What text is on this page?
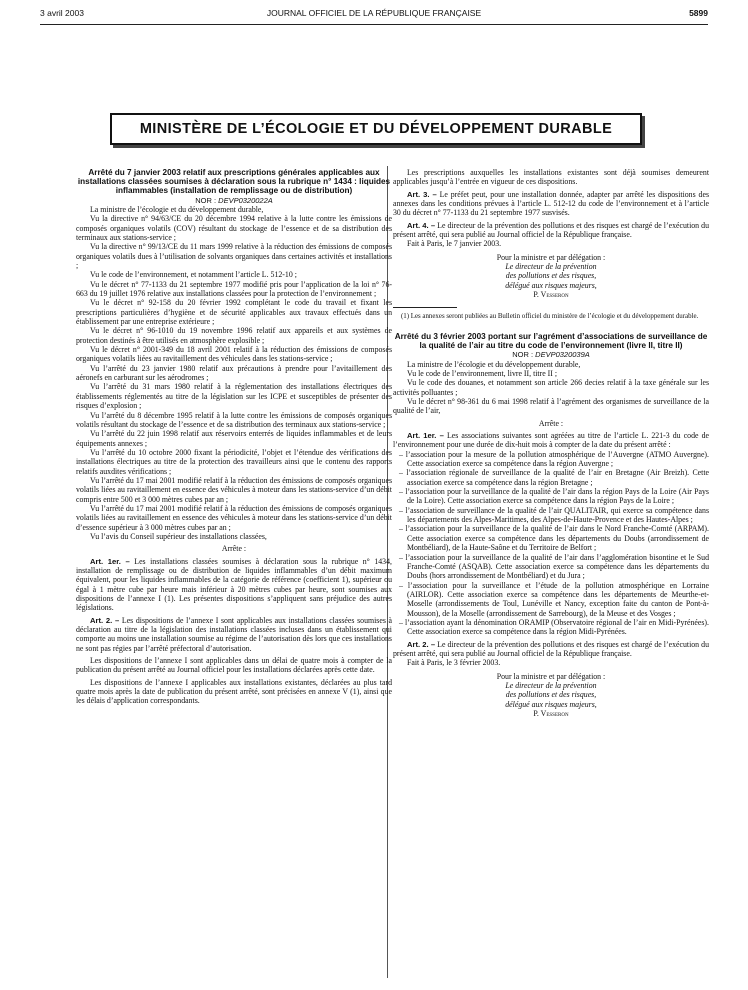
3 avril 2003	JOURNAL OFFICIEL DE LA RÉPUBLIQUE FRANÇAISE	5899
MINISTÈRE DE L’ÉCOLOGIE ET DU DÉVELOPPEMENT DURABLE

Arrêté du 7 janvier 2003 relatif aux prescriptions générales applicables aux installations classées soumises à déclaration sous la rubrique n° 1434 : liquides inflammables (installation de remplissage ou de distribution)

NOR : DEVP0320022A

La ministre de l’écologie et du développement durable,

Vu la directive n° 94/63/CE du 20 décembre 1994 relative à la lutte contre les émissions de composés organiques volatils (COV) résultant du stockage de l’essence et de sa distribution des terminaux aux stations-service ;

Vu la directive n° 99/13/CE du 11 mars 1999 relative à la réduction des émissions de composés organiques volatils dues à l’utilisation de solvants organiques dans certaines activités et installations ;

Vu le code de l’environnement, et notamment l’article L. 512-10 ;

Vu le décret n° 77-1133 du 21 septembre 1977 modifié pris pour l’application de la loi n° 76-663 du 19 juillet 1976 relative aux installations classées pour la protection de l’environnement ;

Vu le décret n° 92-158 du 20 février 1992 complétant le code du travail et fixant les prescriptions particulières d’hygiène et de sécurité applicables aux travaux effectués dans un établissement par une entreprise extérieure ;

Vu le décret n° 96-1010 du 19 novembre 1996 relatif aux appareils et aux systèmes de protection destinés à être utilisés en atmosphère explosible ;

Vu le décret n° 2001-349 du 18 avril 2001 relatif à la réduction des émissions de composés organiques volatils liées au ravitaillement des véhicules dans les stations-service ;

Vu l’arrêté du 23 janvier 1980 relatif aux précautions à prendre pour l’avitaillement des aéronefs en carburant sur les aérodromes ;

Vu l’arrêté du 31 mars 1980 relatif à la réglementation des installations électriques des établissements réglementés au titre de la législation sur les ICPE et susceptibles de présenter des risques d’explosion ;

Vu l’arrêté du 8 décembre 1995 relatif à la lutte contre les émissions de composés organiques volatils résultant du stockage de l’essence et de sa distribution des terminaux aux stations-service ;

Vu l’arrêté du 22 juin 1998 relatif aux réservoirs enterrés de liquides inflammables et de leurs équipements annexes ;

Vu l’arrêté du 10 octobre 2000 fixant la périodicité, l’objet et l’étendue des vérifications des installations électriques au titre de la protection des travailleurs ainsi que le contenu des rapports relatifs auxdites vérifications ;

Vu l’arrêté du 17 mai 2001 modifié relatif à la réduction des émissions de composés organiques volatils liées au ravitaillement en essence des véhicules à moteur dans les stations-service d’un débit compris entre 500 et 3 000 mètres cubes par an ;

Vu l’arrêté du 17 mai 2001 modifié relatif à la réduction des émissions de composés organiques volatils liées au ravitaillement en essence des véhicules à moteur dans les stations-service d’un débit d’essence supérieur à 3 000 mètres cubes par an ;

Vu l’avis du Conseil supérieur des installations classées,

Arrête :

Art. 1er. – Les installations classées soumises à déclaration sous la rubrique n° 1434, installation de remplissage ou de distribution de liquides inflammables d’un débit maximum équivalent, pour les liquides inflammables de la catégorie de référence (coefficient 1), supérieur ou égal à 1 mètre cube par heure mais inférieur à 20 mètres cubes par heure, sont soumises aux dispositions de l’annexe I (1). Les présentes dispositions s’appliquent sans préjudice des autres législations.

Art. 2. – Les dispositions de l’annexe I sont applicables aux installations classées soumises à déclaration au titre de la législation des installations classées incluses dans un établissement qui comporte au moins une installation soumise au régime de l’autorisation dès lors que ces installations ne sont pas régies par l’arrêté préfectoral d’autorisation.

Les dispositions de l’annexe I sont applicables dans un délai de quatre mois à compter de la publication du présent arrêté au Journal officiel pour les installations déclarées après cette date.

Les dispositions de l’annexe I applicables aux installations existantes, déclarées au plus tard quatre mois après la date de publication du présent arrêté, sont précisées en annexe V (1), ainsi que les délais d’application correspondants.

Les prescriptions auxquelles les installations existantes sont déjà soumises demeurent applicables jusqu’à l’entrée en vigueur de ces dispositions.

Art. 3. – Le préfet peut, pour une installation donnée, adapter par arrêté les dispositions des annexes dans les conditions prévues à l’article L. 512-12 du code de l’environnement et à l’article 30 du décret n° 77-1133 du 21 septembre 1977 susvisés.

Art. 4. – Le directeur de la prévention des pollutions et des risques est chargé de l’exécution du présent arrêté, qui sera publié au Journal officiel de la République française.

Fait à Paris, le 7 janvier 2003.

Pour la ministre et par délégation :

Le directeur de la prévention

des pollutions et des risques,

délégué aux risques majeurs,

P. Vesseron

(1) Les annexes seront publiées au Bulletin officiel du ministère de l’écologie et du développement durable.

Arrêté du 3 février 2003 portant sur l’agrément d’associations de surveillance de la qualité de l’air au titre du code de l’environnement (livre II, titre II)

NOR : DEVP0320039A

La ministre de l’écologie et du développement durable,

Vu le code de l’environnement, livre II, titre II ;

Vu le code des douanes, et notamment son article 266 decies relatif à la taxe générale sur les activités polluantes ;

Vu le décret n° 98-361 du 6 mai 1998 relatif à l’agrément des organismes de surveillance de la qualité de l’air,

Arrête :

Art. 1er. – Les associations suivantes sont agréées au titre de l’article L. 221-3 du code de l’environnement pour une durée de dix-huit mois à compter de la date du présent arrêté :

– l’association pour la mesure de la pollution atmosphérique de l’Auvergne (ATMO Auvergne). Cette association exerce sa compétence dans la région Auvergne ;

– l’association régionale de surveillance de la qualité de l’air en Bretagne (Air Breizh). Cette association exerce sa compétence dans la région Bretagne ;

– l’association pour la surveillance de la qualité de l’air dans la région Pays de la Loire (Air Pays de la Loire). Cette association exerce sa compétence dans la région Pays de la Loire ;

– l’association de surveillance de la qualité de l’air QUALITAIR, qui exerce sa compétence dans les départements des Alpes-Maritimes, des Alpes-de-Haute-Provence et des Hautes-Alpes ;

– l’association pour la surveillance de la qualité de l’air dans le Nord Franche-Comté (ARPAM). Cette association exerce sa compétence dans les départements du Doubs (arrondissement de Montbéliard), de la Haute-Saône et du Territoire de Belfort ;

– l’association pour la surveillance de la qualité de l’air dans l’agglomération bisontine et le Sud Franche-Comté (ASQAB). Cette association exerce sa compétence dans les départements du Doubs (hors arrondissement de Montbéliard) et du Jura ;

– l’association pour la surveillance et l’étude de la pollution atmosphérique en Lorraine (AIRLOR). Cette association exerce sa compétence dans les départements de Meurthe-et-Moselle (arrondissements de Toul, Lunéville et Nancy, exception faite du canton de Pont-à-Mousson), de la Moselle (arrondissement de Sarrebourg), de la Meuse et des Vosges ;

– l’association ayant la dénomination ORAMIP (Observatoire régional de l’air en Midi-Pyrénées). Cette association exerce sa compétence dans la région Midi-Pyrénées.

Art. 2. – Le directeur de la prévention des pollutions et des risques est chargé de l’exécution du présent arrêté, qui sera publié au Journal officiel de la République française.

Fait à Paris, le 3 février 2003.

Pour la ministre et par délégation :

Le directeur de la prévention

des pollutions et des risques,

délégué aux risques majeurs,

P. Vesseron
